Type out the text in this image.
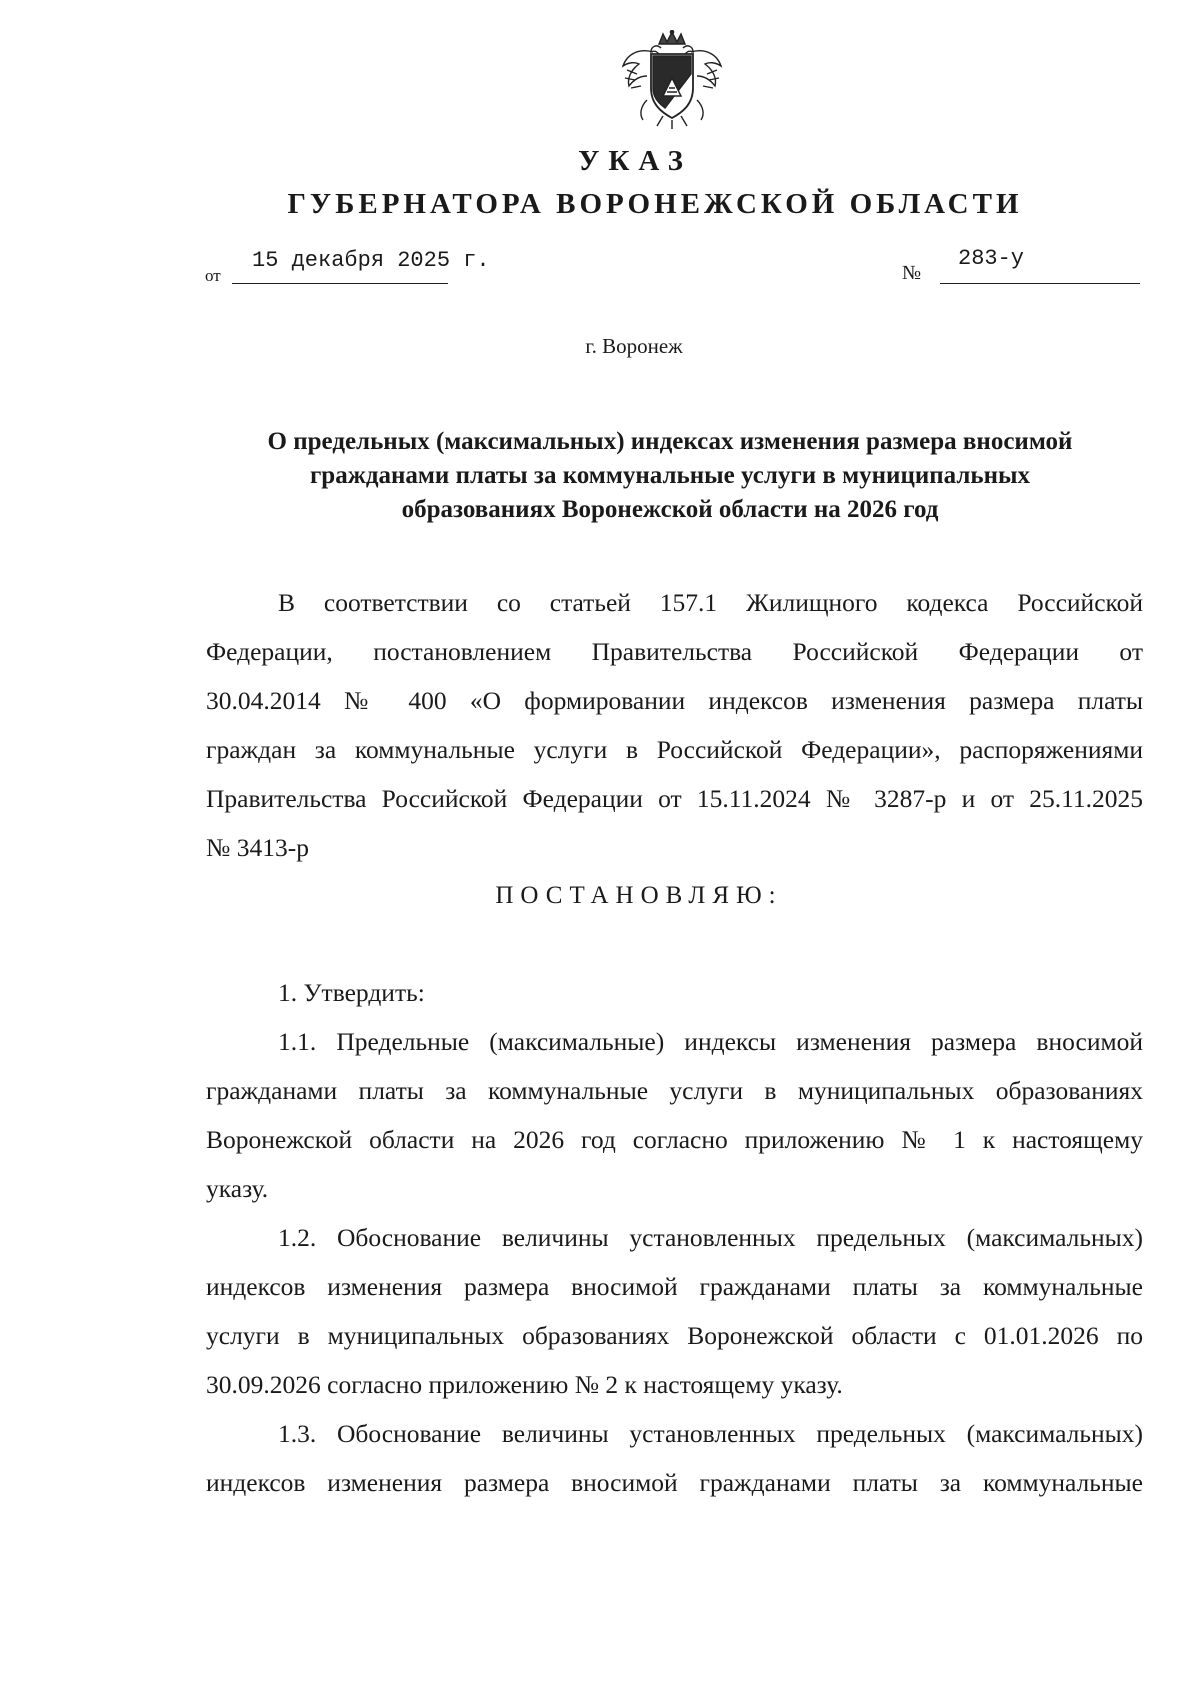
УКАЗ
ГУБЕРНАТОРА ВОРОНЕЖСКОЙ ОБЛАСТИ
от
15 декабря 2025 г.	№
283-у
г. Воронеж
О предельных (максимальных) индексах изменения размера вносимой
гражданами платы за коммунальные услуги в муниципальных
образованиях Воронежской области на 2026 год
В соответствии со статьей 157.1 Жилищного кодекса Российской
Федерации, постановлением Правительства Российской Федерации от
30.04.2014 № 400 «О формировании индексов изменения размера платы
граждан за коммунальные услуги в Российской Федерации», распоряжениями
Правительства Российской Федерации от 15.11.2024 № 3287-р и от 25.11.2025
№ 3413-р
ПОСТАНОВЛЯЮ:
1. Утвердить:
1.1. Предельные (максимальные) индексы изменения размера вносимой
гражданами платы за коммунальные услуги в муниципальных образованиях
Воронежской области на 2026 год согласно приложению № 1 к настоящему
указу.
1.2. Обоснование величины установленных предельных (максимальных)
индексов изменения размера вносимой гражданами платы за коммунальные
услуги в муниципальных образованиях Воронежской области с 01.01.2026 по
30.09.2026 согласно приложению № 2 к настоящему указу.
1.3. Обоснование величины установленных предельных (максимальных)
индексов изменения размера вносимой гражданами платы за коммунальные
